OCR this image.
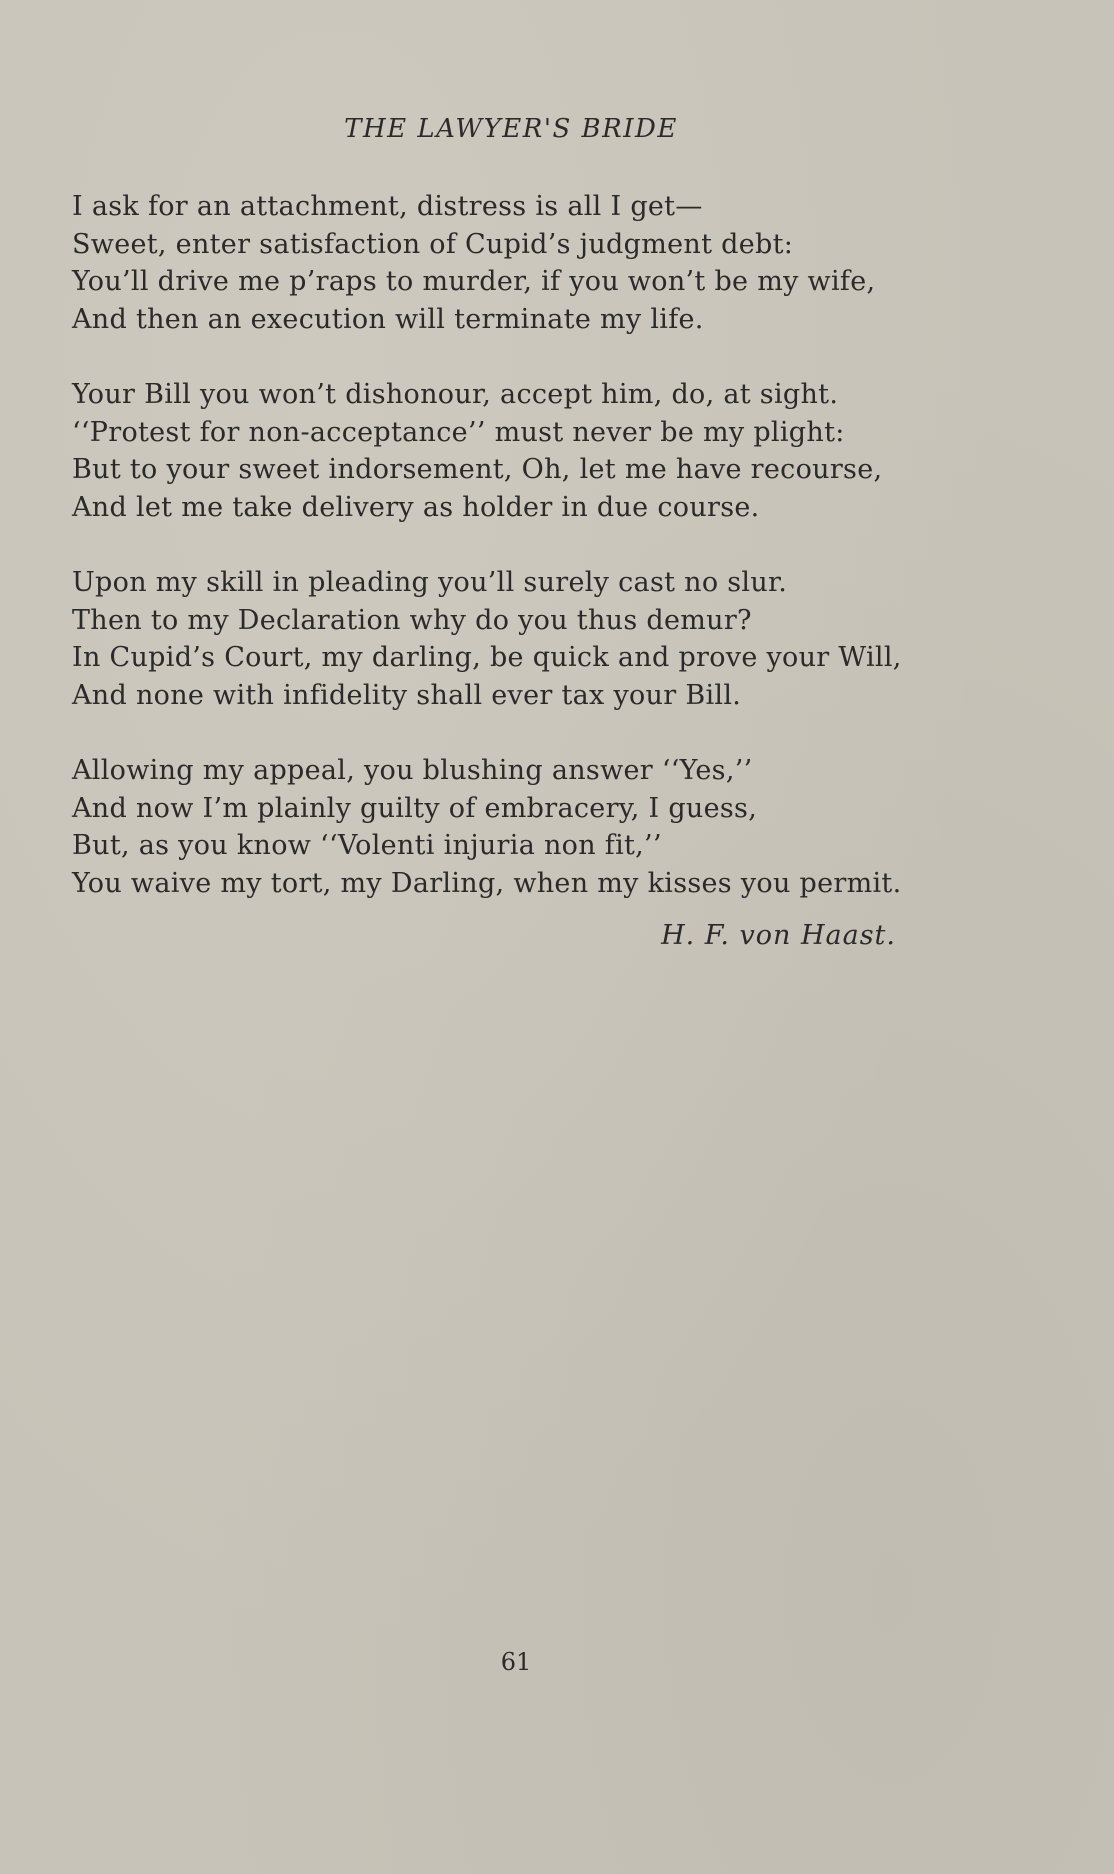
THE LAWYER'S BRIDE
I ask for an attachment, distress is all I get—
Sweet, enter satisfaction of Cupid’s judgment debt:
You’ll drive me p’raps to murder, if you won’t be my wife,
And then an execution will terminate my life.
Your Bill you won’t dishonour, accept him, do, at sight.
‘‘Protest for non-acceptance’’ must never be my plight:
But to your sweet indorsement, Oh, let me have recourse,
And let me take delivery as holder in due course.
Upon my skill in pleading you’ll surely cast no slur.
Then to my Declaration why do you thus demur?
In Cupid’s Court, my darling, be quick and prove your Will,
And none with infidelity shall ever tax your Bill.
Allowing my appeal, you blushing answer ‘‘Yes,’’
And now I’m plainly guilty of embracery, I guess,
But, as you know ‘‘Volenti injuria non fit,’’
You waive my tort, my Darling, when my kisses you permit.
H. F. von Haast.
61
